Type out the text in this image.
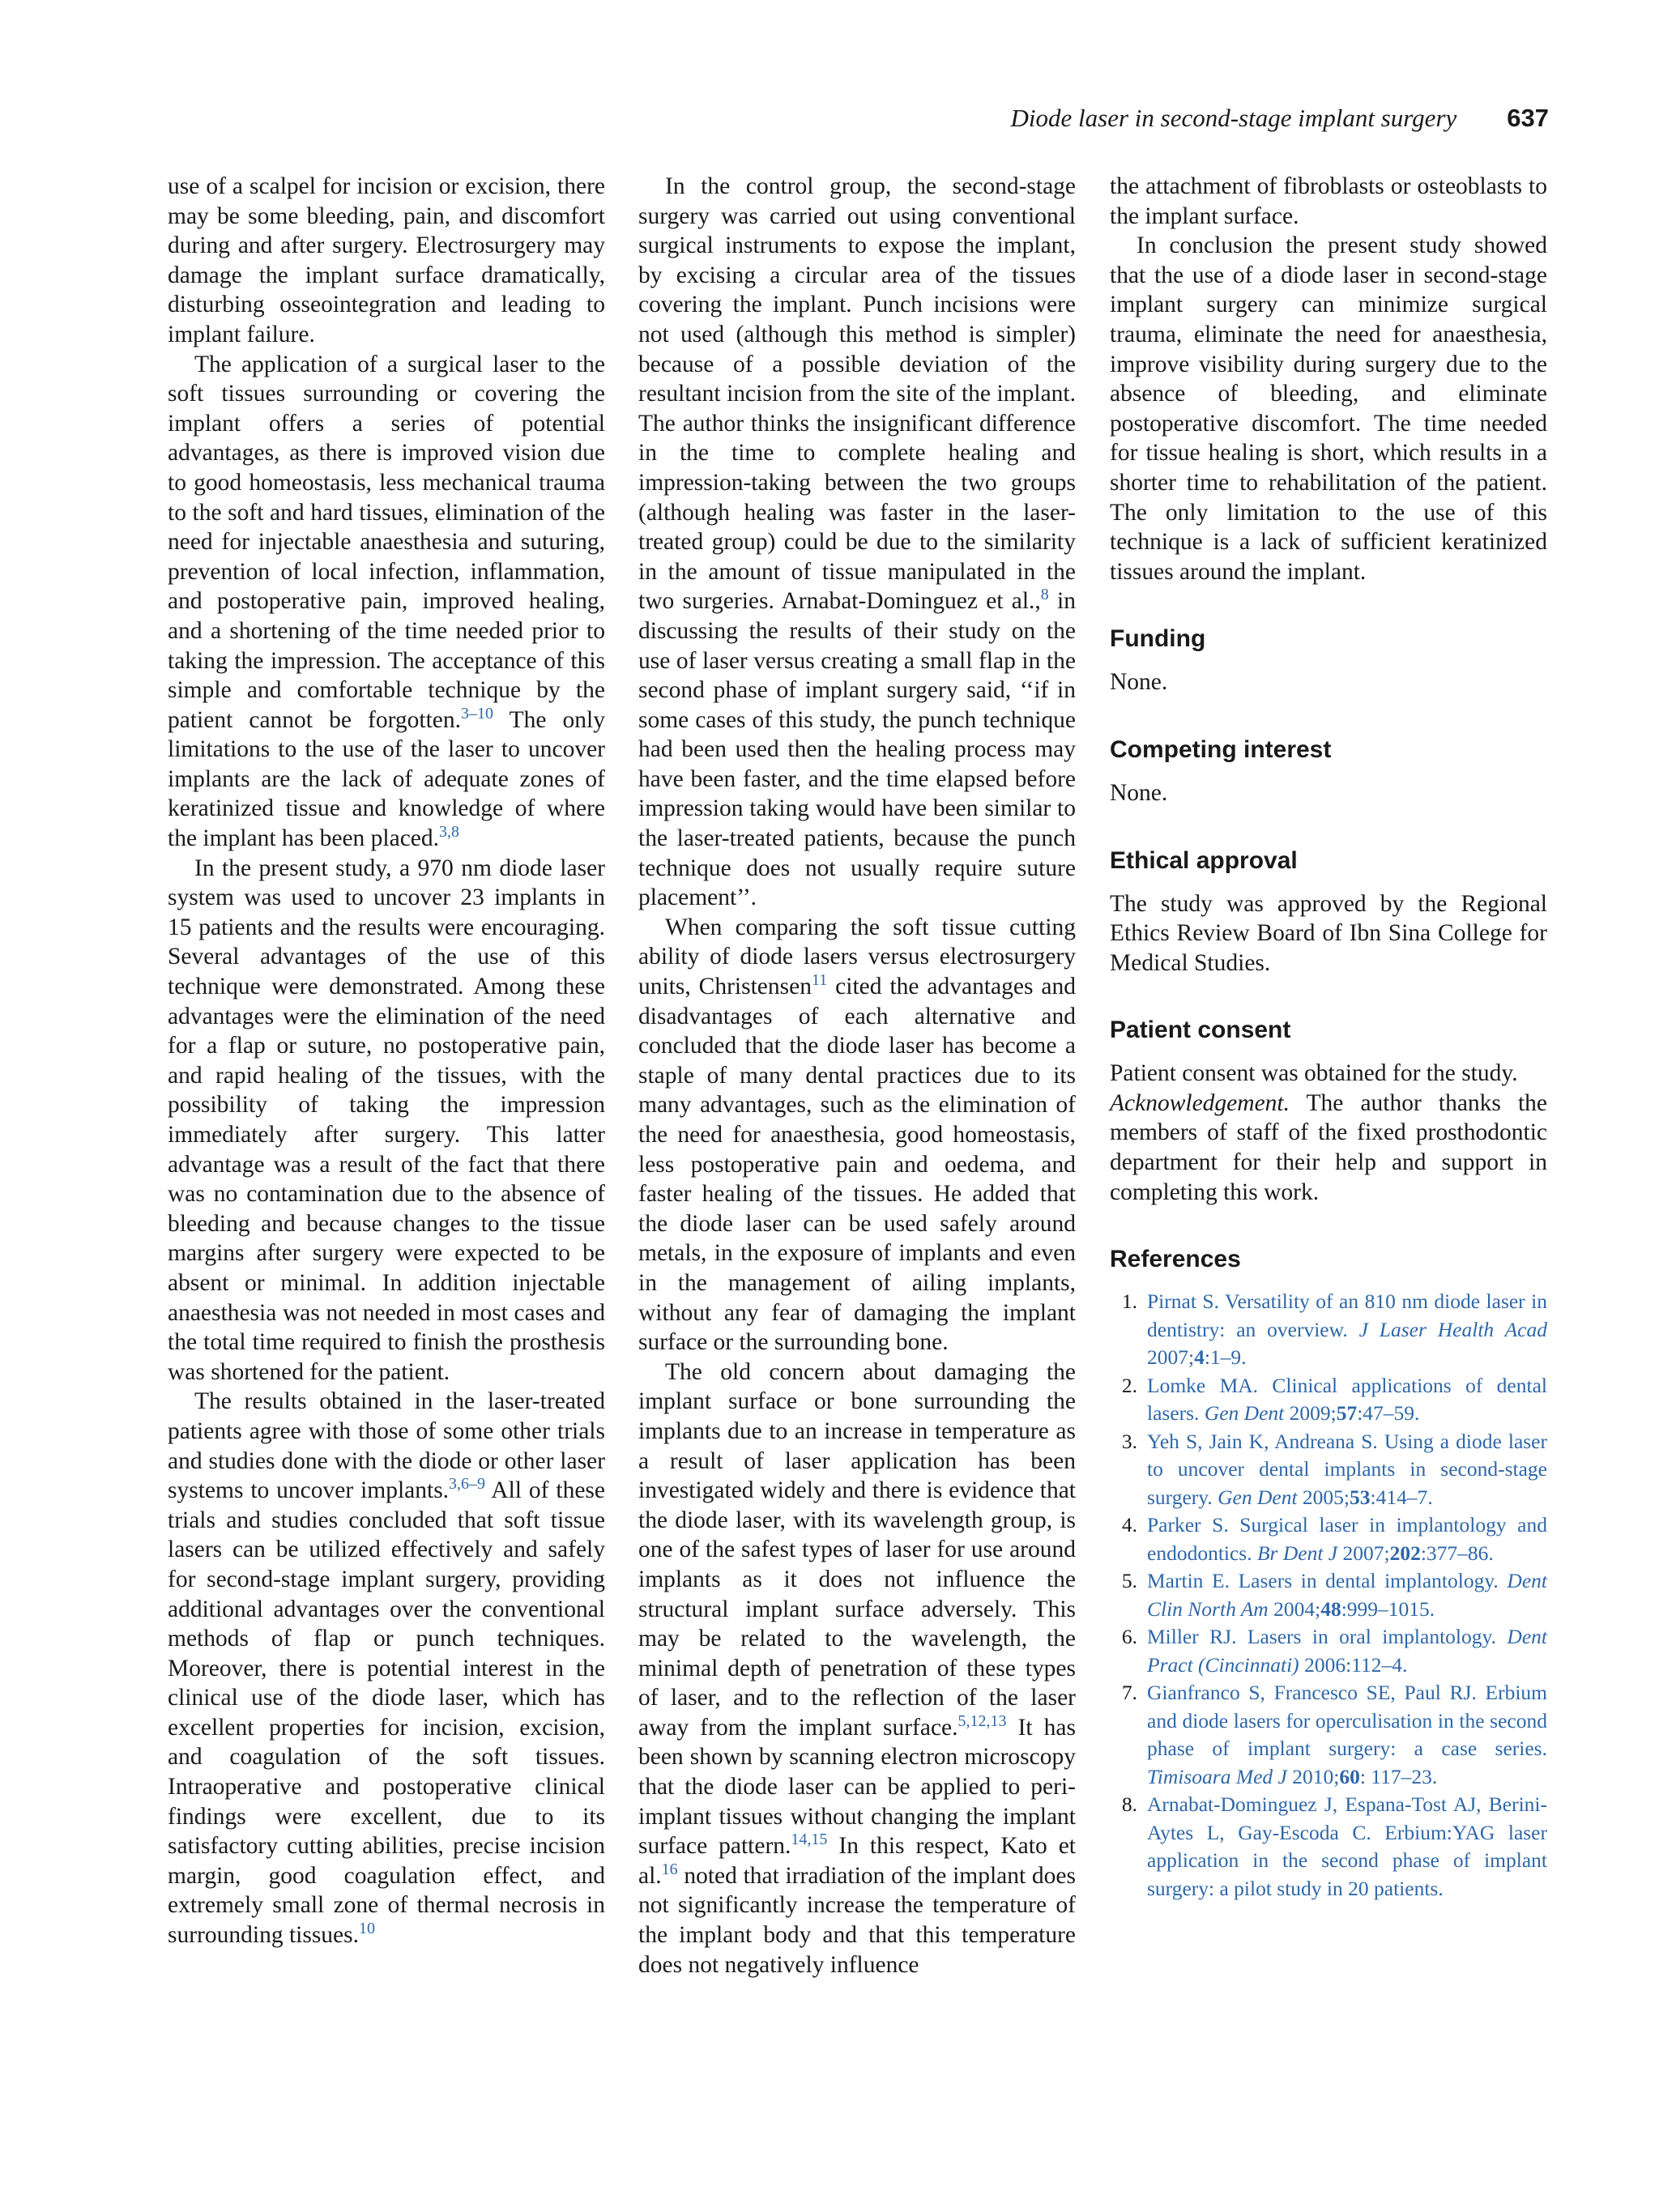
Diode laser in second-stage implant surgery 637

use of a scalpel for incision or excision, there may be some bleeding, pain, and discomfort during and after surgery. Electrosurgery may damage the implant surface dramatically, disturbing osseointegration and leading to implant failure.

The application of a surgical laser to the soft tissues surrounding or covering the implant offers a series of potential advantages, as there is improved vision due to good homeostasis, less mechanical trauma to the soft and hard tissues, elimination of the need for injectable anaesthesia and suturing, prevention of local infection, inflammation, and postoperative pain, improved healing, and a shortening of the time needed prior to taking the impression. The acceptance of this simple and comfortable technique by the patient cannot be forgotten.$^{3-10}$ The only limitations to the use of the laser to uncover implants are the lack of adequate zones of keratinized tissue and knowledge of where the implant has been placed.$^{3,8}$

In the present study, a 970 nm diode laser system was used to uncover 23 implants in 15 patients and the results were encouraging. Several advantages of the use of this technique were demonstrated. Among these advantages were the elimination of the need for a flap or suture, no postoperative pain, and rapid healing of the tissues, with the possibility of taking the impression immediately after surgery. This latter advantage was a result of the fact that there was no contamination due to the absence of bleeding and because changes to the tissue margins after surgery were expected to be absent or minimal. In addition injectable anaesthesia was not needed in most cases and the total time required to finish the prosthesis was shortened for the patient.

The results obtained in the laser-treated patients agree with those of some other trials and studies done with the diode or other laser systems to uncover implants.$^{3,6-9}$ All of these trials and studies concluded that soft tissue lasers can be utilized effectively and safely for second-stage implant surgery, providing additional advantages over the conventional methods of flap or punch techniques. Moreover, there is potential interest in the clinical use of the diode laser, which has excellent properties for incision, excision, and coagulation of the soft tissues. Intraoperative and postoperative clinical findings were excellent, due to its satisfactory cutting abilities, precise incision margin, good coagulation effect, and extremely small zone of thermal necrosis in surrounding tissues.$^{10}$

In the control group, the second-stage surgery was carried out using conventional surgical instruments to expose the implant, by excising a circular area of the tissues covering the implant. Punch incisions were not used (although this method is simpler) because of a possible deviation of the resultant incision from the site of the implant. The author thinks the insignificant difference in the time to complete healing and impression-taking between the two groups (although healing was faster in the laser-treated group) could be due to the similarity in the amount of tissue manipulated in the two surgeries. Arnabat-Dominguez et al.,$^8$ in discussing the results of their study on the use of laser versus creating a small flap in the second phase of implant surgery said, ‘‘if in some cases of this study, the punch technique had been used then the healing process may have been faster, and the time elapsed before impression taking would have been similar to the laser-treated patients, because the punch technique does not usually require suture placement’’.

When comparing the soft tissue cutting ability of diode lasers versus electrosurgery units, Christensen$^{11}$ cited the advantages and disadvantages of each alternative and concluded that the diode laser has become a staple of many dental practices due to its many advantages, such as the elimination of the need for anaesthesia, good homeostasis, less postoperative pain and oedema, and faster healing of the tissues. He added that the diode laser can be used safely around metals, in the exposure of implants and even in the management of ailing implants, without any fear of damaging the implant surface or the surrounding bone.

The old concern about damaging the implant surface or bone surrounding the implants due to an increase in temperature as a result of laser application has been investigated widely and there is evidence that the diode laser, with its wavelength group, is one of the safest types of laser for use around implants as it does not influence the structural implant surface adversely. This may be related to the wavelength, the minimal depth of penetration of these types of laser, and to the reflection of the laser away from the implant surface.$^{5,12,13}$ It has been shown by scanning electron microscopy that the diode laser can be applied to peri-implant tissues without changing the implant surface pattern.$^{14,15}$ In this respect, Kato et al.$^{16}$ noted that irradiation of the implant does not significantly increase the temperature of the implant body and that this temperature does not negatively influence

the attachment of fibroblasts or osteoblasts to the implant surface.

In conclusion the present study showed that the use of a diode laser in second-stage implant surgery can minimize surgical trauma, eliminate the need for anaesthesia, improve visibility during surgery due to the absence of bleeding, and eliminate postoperative discomfort. The time needed for tissue healing is short, which results in a shorter time to rehabilitation of the patient. The only limitation to the use of this technique is a lack of sufficient keratinized tissues around the implant.

Funding

None.

Competing interest

None.

Ethical approval

The study was approved by the Regional Ethics Review Board of Ibn Sina College for Medical Studies.

Patient consent

Patient consent was obtained for the study.

Acknowledgement. The author thanks the members of staff of the fixed prosthodontic department for their help and support in completing this work.

References
1. Pirnat S. Versatility of an 810 nm diode laser in dentistry: an overview. J Laser Health Acad 2007;4:1–9.
2. Lomke MA. Clinical applications of dental lasers. Gen Dent 2009;57:47–59.
3. Yeh S, Jain K, Andreana S. Using a diode laser to uncover dental implants in second-stage surgery. Gen Dent 2005;53:414–7.
4. Parker S. Surgical laser in implantology and endodontics. Br Dent J 2007;202:377–86.
5. Martin E. Lasers in dental implantology. Dent Clin North Am 2004;48:999–1015.
6. Miller RJ. Lasers in oral implantology. Dent Pract (Cincinnati) 2006:112–4.
7. Gianfranco S, Francesco SE, Paul RJ. Erbium and diode lasers for operculisation in the second phase of implant surgery: a case series. Timisoara Med J 2010;60: 117–23.
8. Arnabat-Dominguez J, Espana-Tost AJ, Berini-Aytes L, Gay-Escoda C. Erbium:YAG laser application in the second phase of implant surgery: a pilot study in 20 patients.
